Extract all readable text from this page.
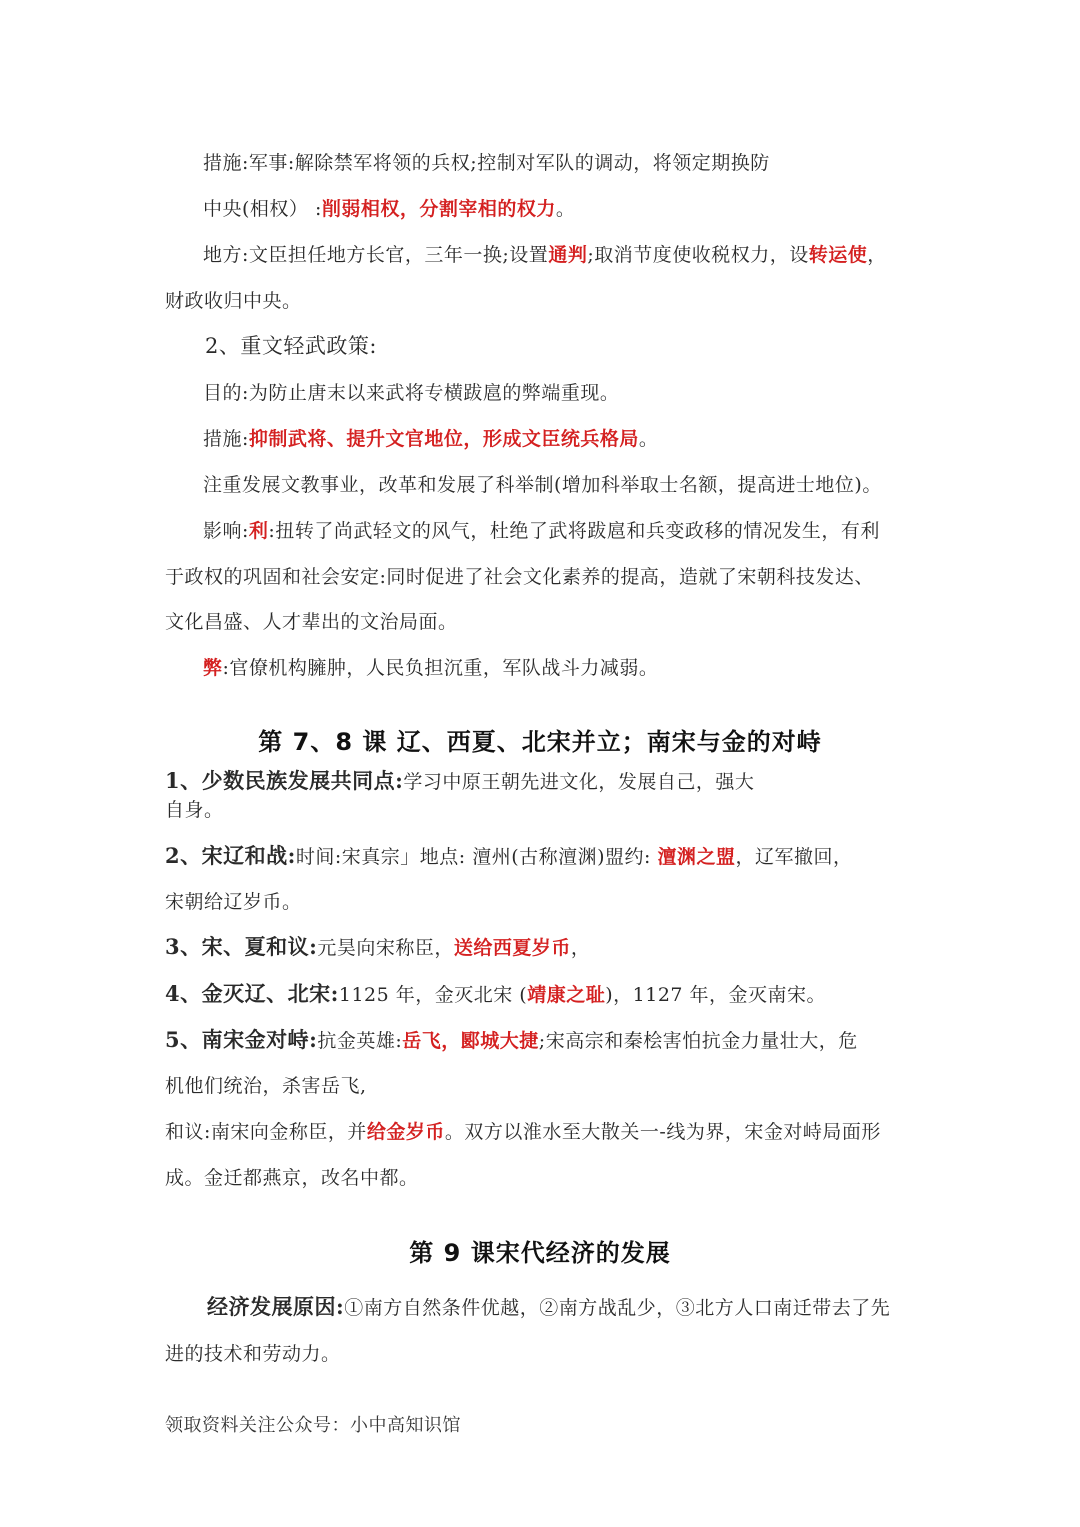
措施:军事:解除禁军将领的兵权;控制对军队的调动，将领定期换防
中央(相权） :削弱相权，分割宰相的权力。
地方:文臣担任地方长官，三年一换;设置通判;取消节度使收税权力，设转运使，
财政收归中央。
2、重文轻武政策:
目的:为防止唐末以来武将专横跋扈的弊端重现。
措施:抑制武将、提升文官地位，形成文臣统兵格局。
注重发展文教事业，改革和发展了科举制(增加科举取士名额，提高进士地位)。
影响:利:扭转了尚武轻文的风气，杜绝了武将跋扈和兵变政移的情况发生，有利
于政权的巩固和社会安定:同时促进了社会文化素养的提高，造就了宋朝科技发达、
文化昌盛、人才辈出的文治局面。
弊:官僚机构臃肿，人民负担沉重，军队战斗力减弱。
第 7、8 课 辽、西夏、北宋并立；南宋与金的对峙
1、少数民族发展共同点:学习中原王朝先进文化，发展自己，强大
自身。
2、宋辽和战:时间:宋真宗」地点: 澶州(古称澶渊)盟约: 澶渊之盟，辽军撤回，
宋朝给辽岁币。
3、宋、夏和议:元昊向宋称臣，送给西夏岁币，
4、金灭辽、北宋:1125 年，金灭北宋 (靖康之耻)，1127 年，金灭南宋。
5、南宋金对峙:抗金英雄:岳飞，郾城大捷;宋高宗和秦桧害怕抗金力量壮大，危
机他们统治，杀害岳飞,
和议:南宋向金称臣，并给金岁币。双方以淮水至大散关一-线为界，宋金对峙局面形
成。金迁都燕京，改名中都。
第 9 课宋代经济的发展
经济发展原因:①南方自然条件优越，②南方战乱少，③北方人口南迁带去了先
进的技术和劳动力。
领取资料关注公众号：小中高知识馆
